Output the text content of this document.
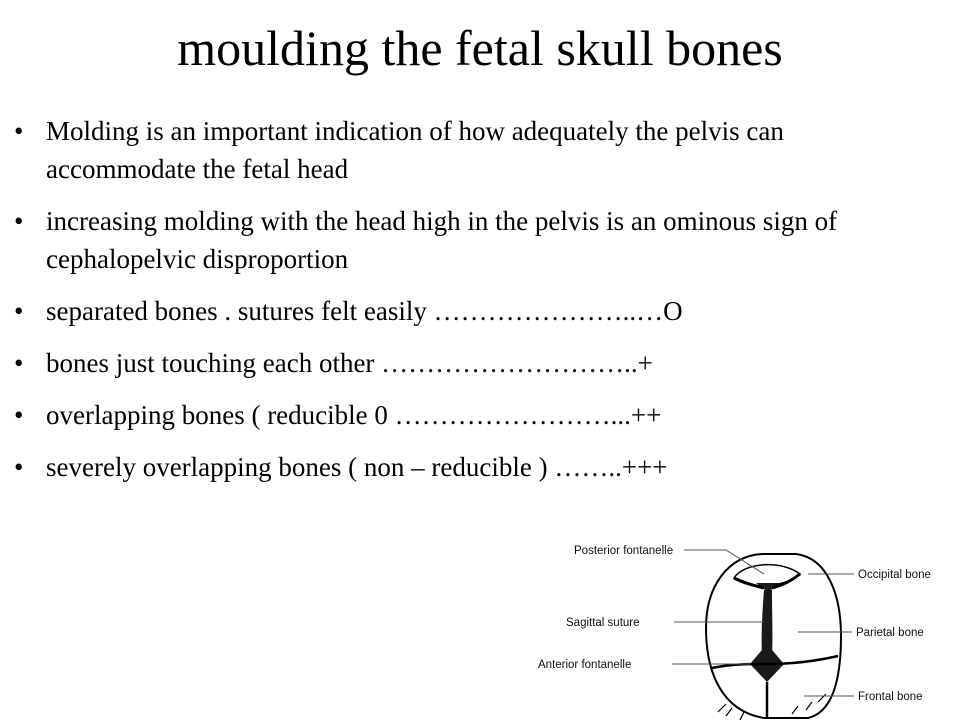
moulding the fetal skull bones
• Molding is an important indication of how adequately the pelvis can accommodate the fetal head
• increasing molding with the head high in the pelvis is an ominous sign of cephalopelvic disproportion
• separated bones . sutures felt easily …………………..…O
• bones just touching each other ………………………..+
• overlapping bones ( reducible 0 ……………………...++
• severely overlapping bones ( non – reducible ) ……..+++
Posterior fontanelle
Sagittal suture
Anterior fontanelle
Occipital bone
Parietal bone
Frontal bone
